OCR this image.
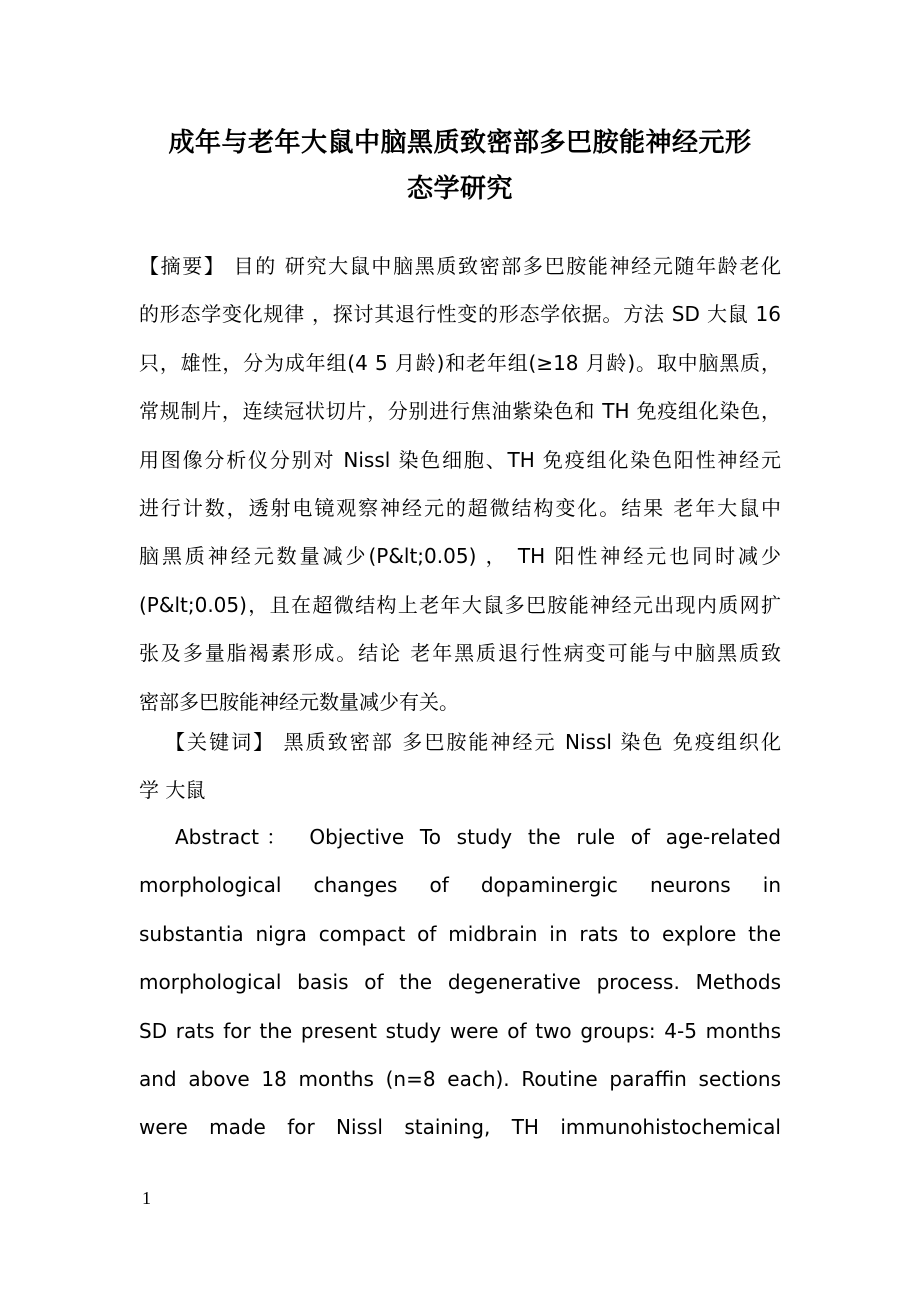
成年与老年大鼠中脑黑质致密部多巴胺能神经元形
态学研究

【摘要】 目的 研究大鼠中脑黑质致密部多巴胺能神经元随年龄老化

的形态学变化规律 ，探讨其退行性变的形态学依据。方法 SD 大鼠 16

只，雄性，分为成年组(4 5 月龄)和老年组(≥18 月龄)。取中脑黑质，

常规制片，连续冠状切片，分别进行焦油紫染色和 TH 免疫组化染色，

用图像分析仪分别对 Nissl 染色细胞、TH 免疫组化染色阳性神经元

进行计数，透射电镜观察神经元的超微结构变化。结果 老年大鼠中

脑黑质神经元数量减少(P&lt;0.05) ， TH 阳性神经元也同时减少

(P&lt;0.05)，且在超微结构上老年大鼠多巴胺能神经元出现内质网扩

张及多量脂褐素形成。结论 老年黑质退行性病变可能与中脑黑质致

密部多巴胺能神经元数量减少有关。

【关键词】 黑质致密部 多巴胺能神经元 Nissl 染色 免疫组织化

学 大鼠

Abstract： Objective To study the rule of age-related

morphological changes of dopaminergic neurons in

substantia nigra compact of midbrain in rats to explore the

morphological basis of the degenerative process. Methods

SD rats for the present study were of two groups: 4-5 months

and above 18 months (n=8 each). Routine paraffin sections

were made for Nissl staining, TH immunohistochemical

1
